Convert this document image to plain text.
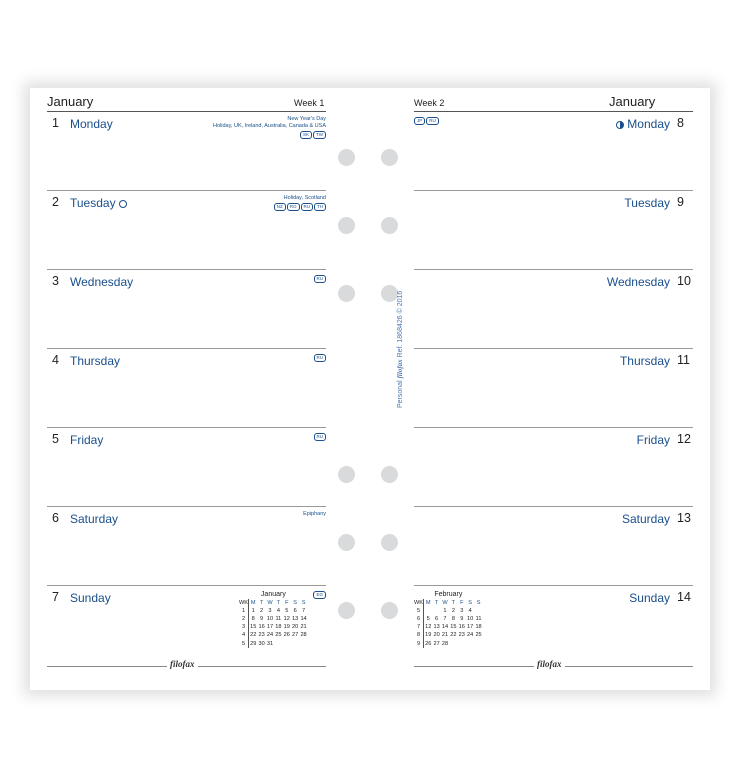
January	Week 1	Week 2	January
JP	RU
1 Monday	New Year's Day
Holiday, UK, Ireland, Australia, Canada & USA
SK	TW
2 Tuesday	Holiday, Scotland
NZ	RO	RU	TH
3 Wednesday	RU
4 Thursday	RU
5 Friday	RU
6 Saturday	Epiphany
7 Sunday	EG
8
Monday
9
Tuesday
10
Wednesday
11
Thursday
12
Friday
13
Saturday
14
Sunday
Personal filofax Ref. 1868426 © 2016
January
WK	M	T	W	T	F	S	S
1	1	2	3	4	5	6	7
2	8	9	10	11	12	13	14
3	15	16	17	18	19	20	21
4	22	23	24	25	26	27	28
5	29	30	31				
February
WK	M	T	W	T	F	S	S
5			1	2	3	4	
6	5	6	7	8	9	10	11
7	12	13	14	15	16	17	18
8	19	20	21	22	23	24	25
9	26	27	28				
filofax	filofax
